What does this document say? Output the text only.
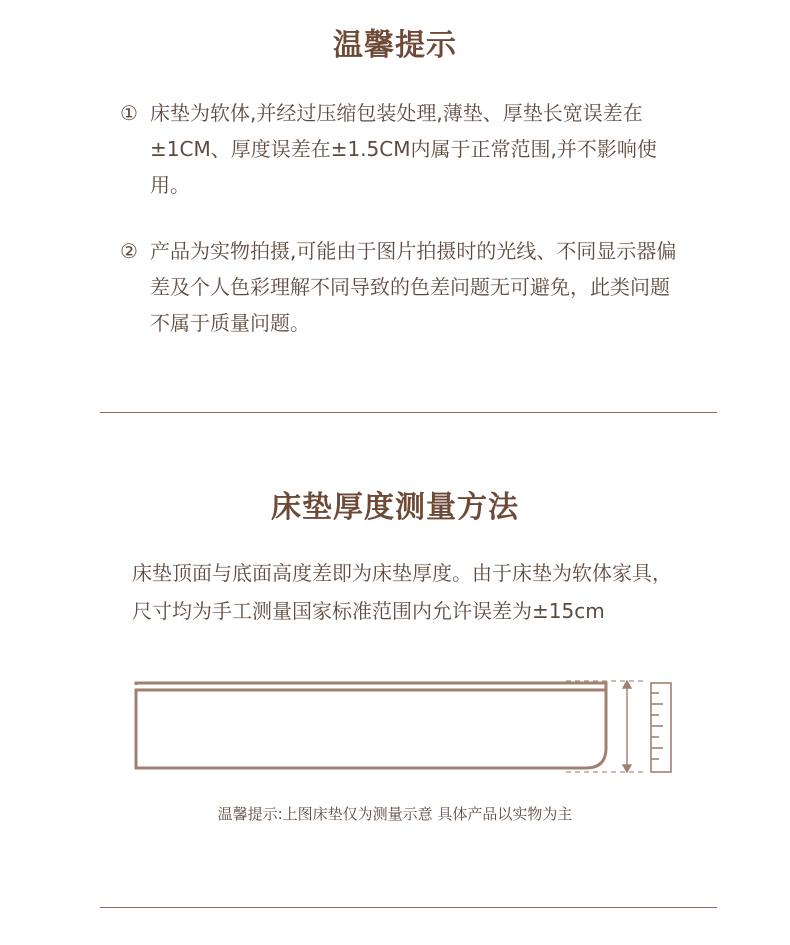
温馨提示
① 床垫为软体,并经过压缩包装处理,薄垫、厚垫长宽误差在±1CM、厚度误差在±1.5CM内属于正常范围,并不影响使用。
② 产品为实物拍摄,可能由于图片拍摄时的光线、不同显示器偏差及个人色彩理解不同导致的色差问题无可避免，此类问题不属于质量问题。
床垫厚度测量方法
床垫顶面与底面高度差即为床垫厚度。由于床垫为软体家具，尺寸均为手工测量国家标准范围内允许误差为±15cm
温馨提示:上图床垫仅为测量示意 具体产品以实物为主
